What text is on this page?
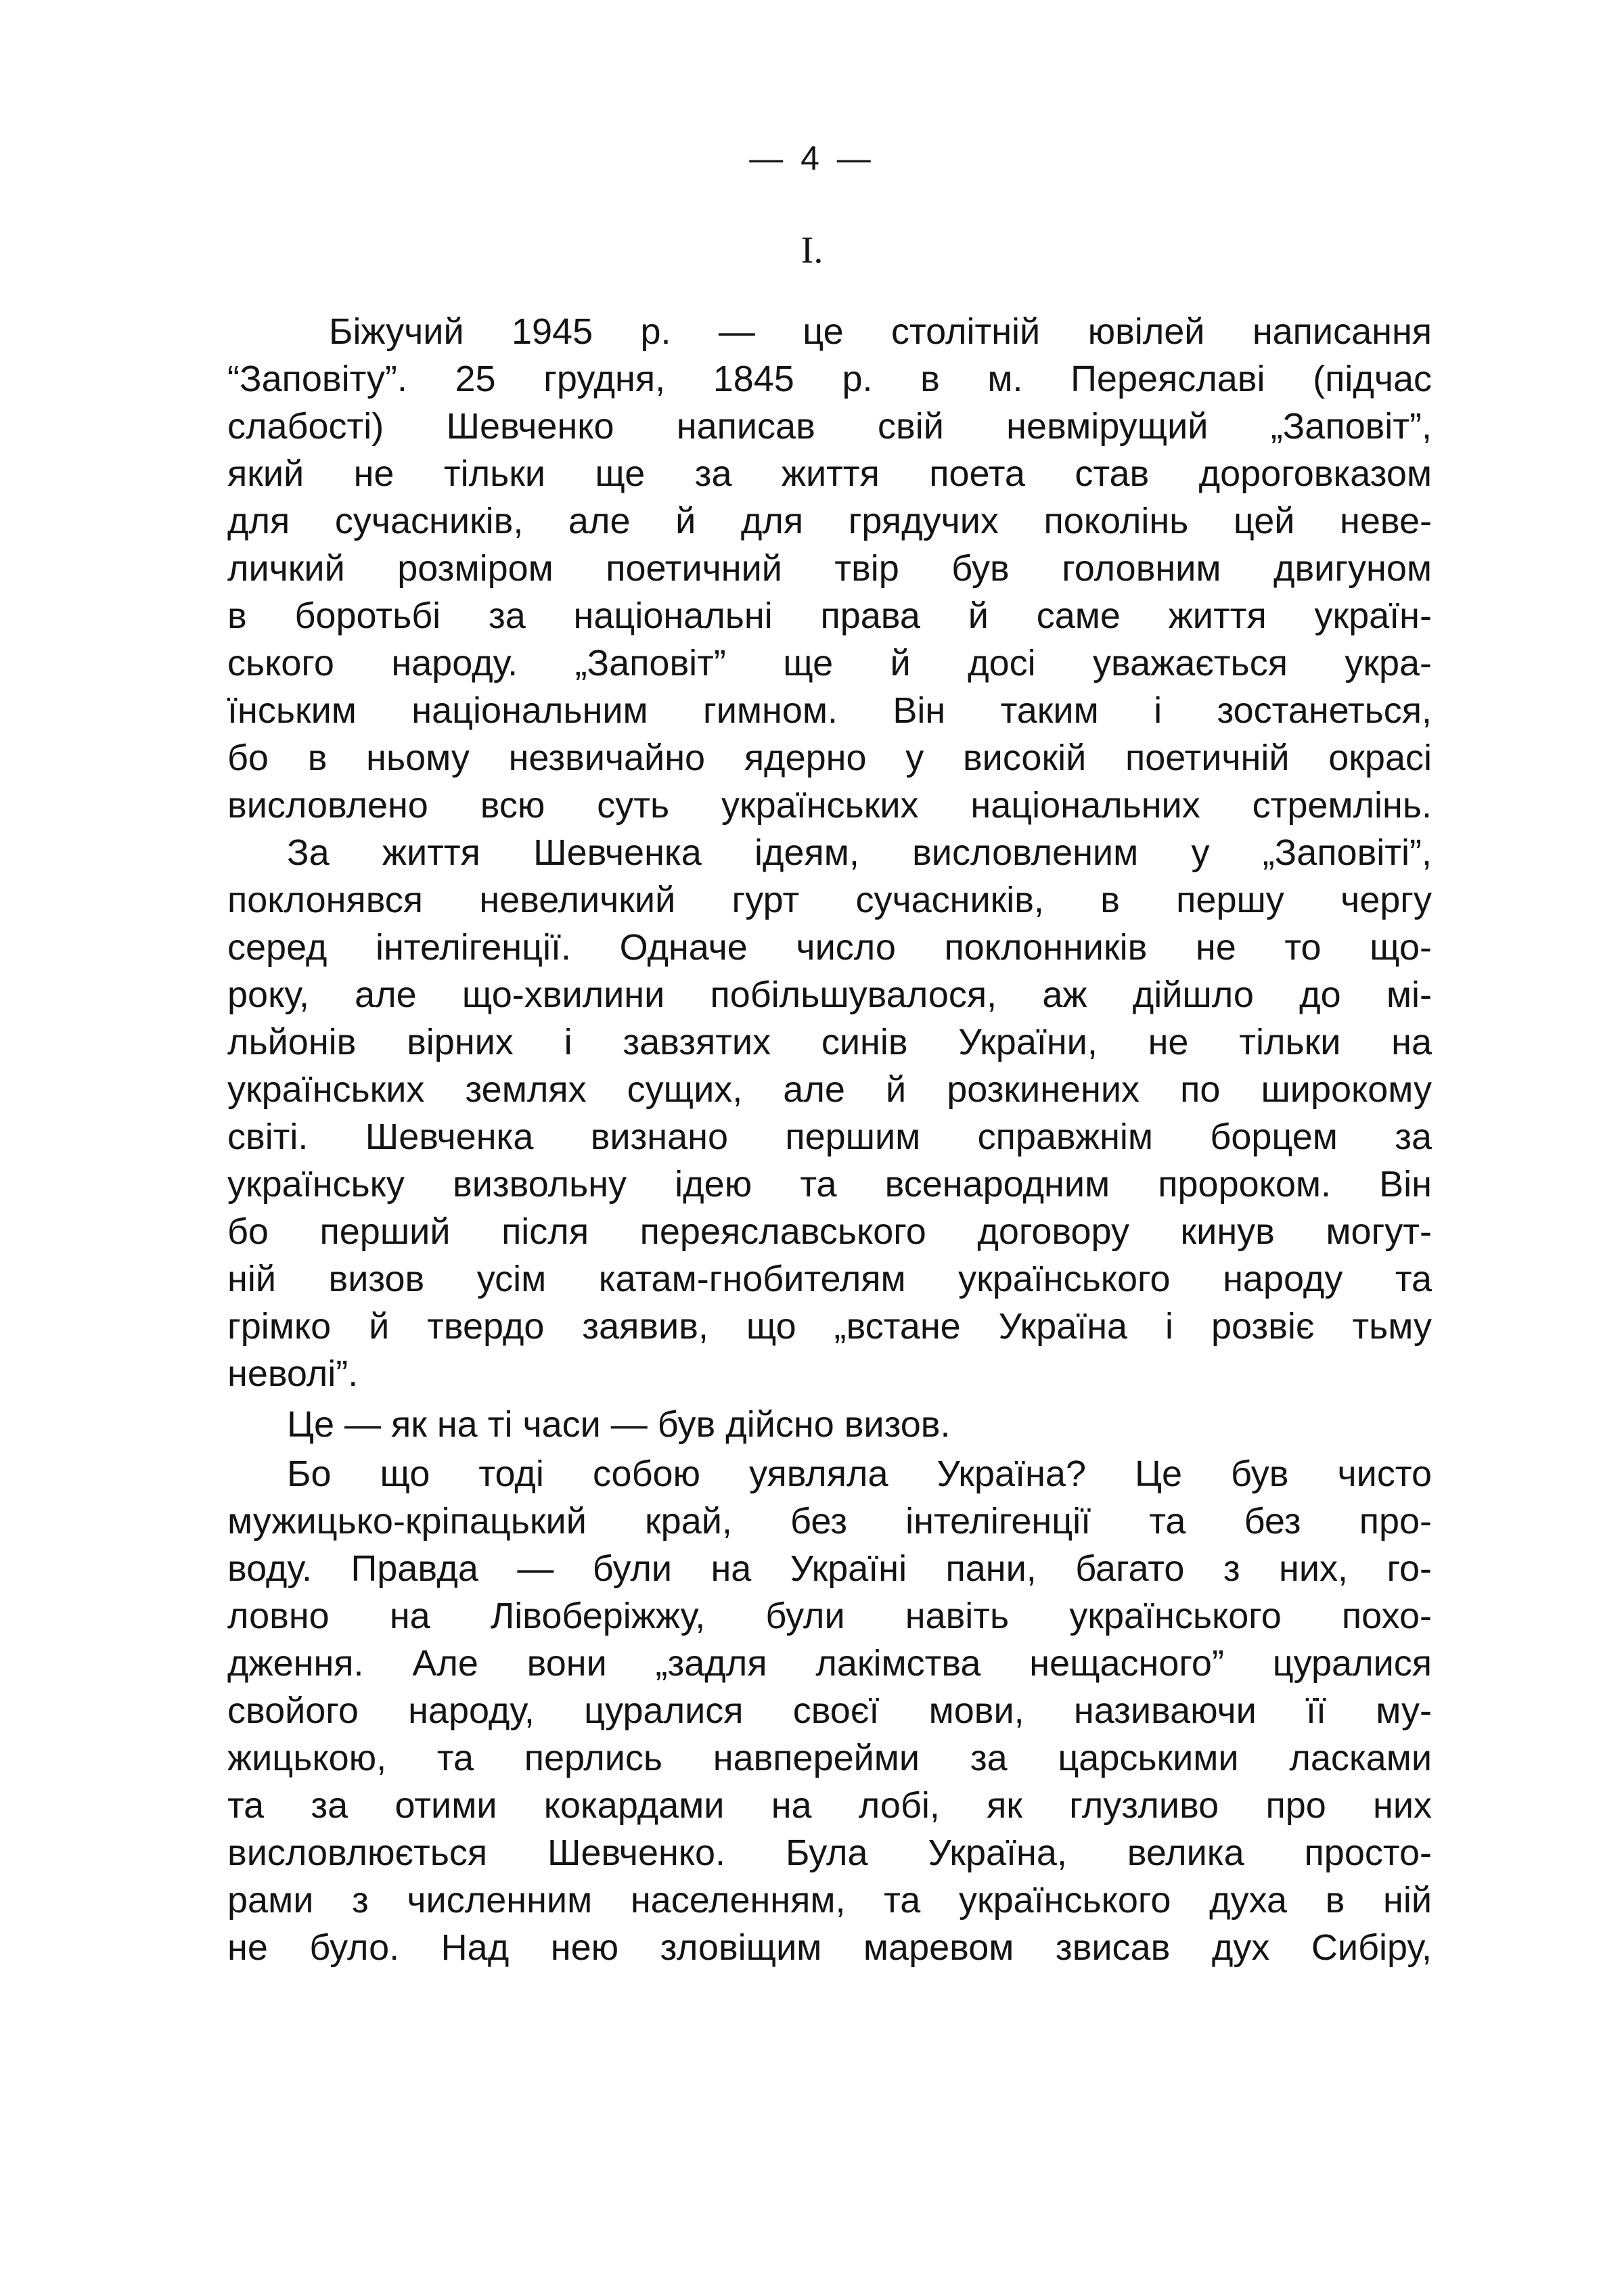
— 4 —
I.
Біжучий 1945 р. — це столітній ювілей написання
“Заповіту”. 25 грудня, 1845 р. в м. Переяславі (підчас
слабості) Шевченко написав свій невмірущий „Заповіт”,
який не тільки ще за життя поета став дороговказом
для сучасників, але й для грядучих поколінь цей неве-
личкий розміром поетичний твір був головним двигуном
в боротьбі за національні права й саме життя україн-
ського народу. „Заповіт” ще й досі уважається укра-
їнським національним гимном. Він таким і зостанеться,
бо в ньому незвичайно ядерно у високій поетичній окрасі
висловлено всю суть українських національних стремлінь.
За життя Шевченка ідеям, висловленим у „Заповіті”,
поклонявся невеличкий гурт сучасників, в першу чергу
серед інтелігенції. Одначе число поклонників не то що-
року, але що-хвилини побільшувалося, аж дійшло до мі-
льйонів вірних і завзятих синів України, не тільки на
українських землях сущих, але й розкинених по широкому
світі. Шевченка визнано першим справжнім борцем за
українську визвольну ідею та всенародним пророком. Він
бо перший після переяславського договору кинув могут-
ній визов усім катам-гнобителям українського народу та
грімко й твердо заявив, що „встане Україна і розвіє тьму
неволі”.
Це — як на ті часи — був дійсно визов.
Бо що тоді собою уявляла Україна? Це був чисто
мужицько-кріпацький край, без інтелігенції та без про-
воду. Правда — були на Україні пани, багато з них, го-
ловно на Лівоберіжжу, були навіть українського похо-
дження. Але вони „задля лакімства нещасного” цуралися
свойого народу, цуралися своєї мови, називаючи її му-
жицькою, та перлись навперейми за царськими ласками
та за отими кокардами на лобі, як глузливо про них
висловлюється Шевченко. Була Україна, велика просто-
рами з численним населенням, та українського духа в ній
не було. Над нею зловіщим маревом звисав дух Сибіру,
